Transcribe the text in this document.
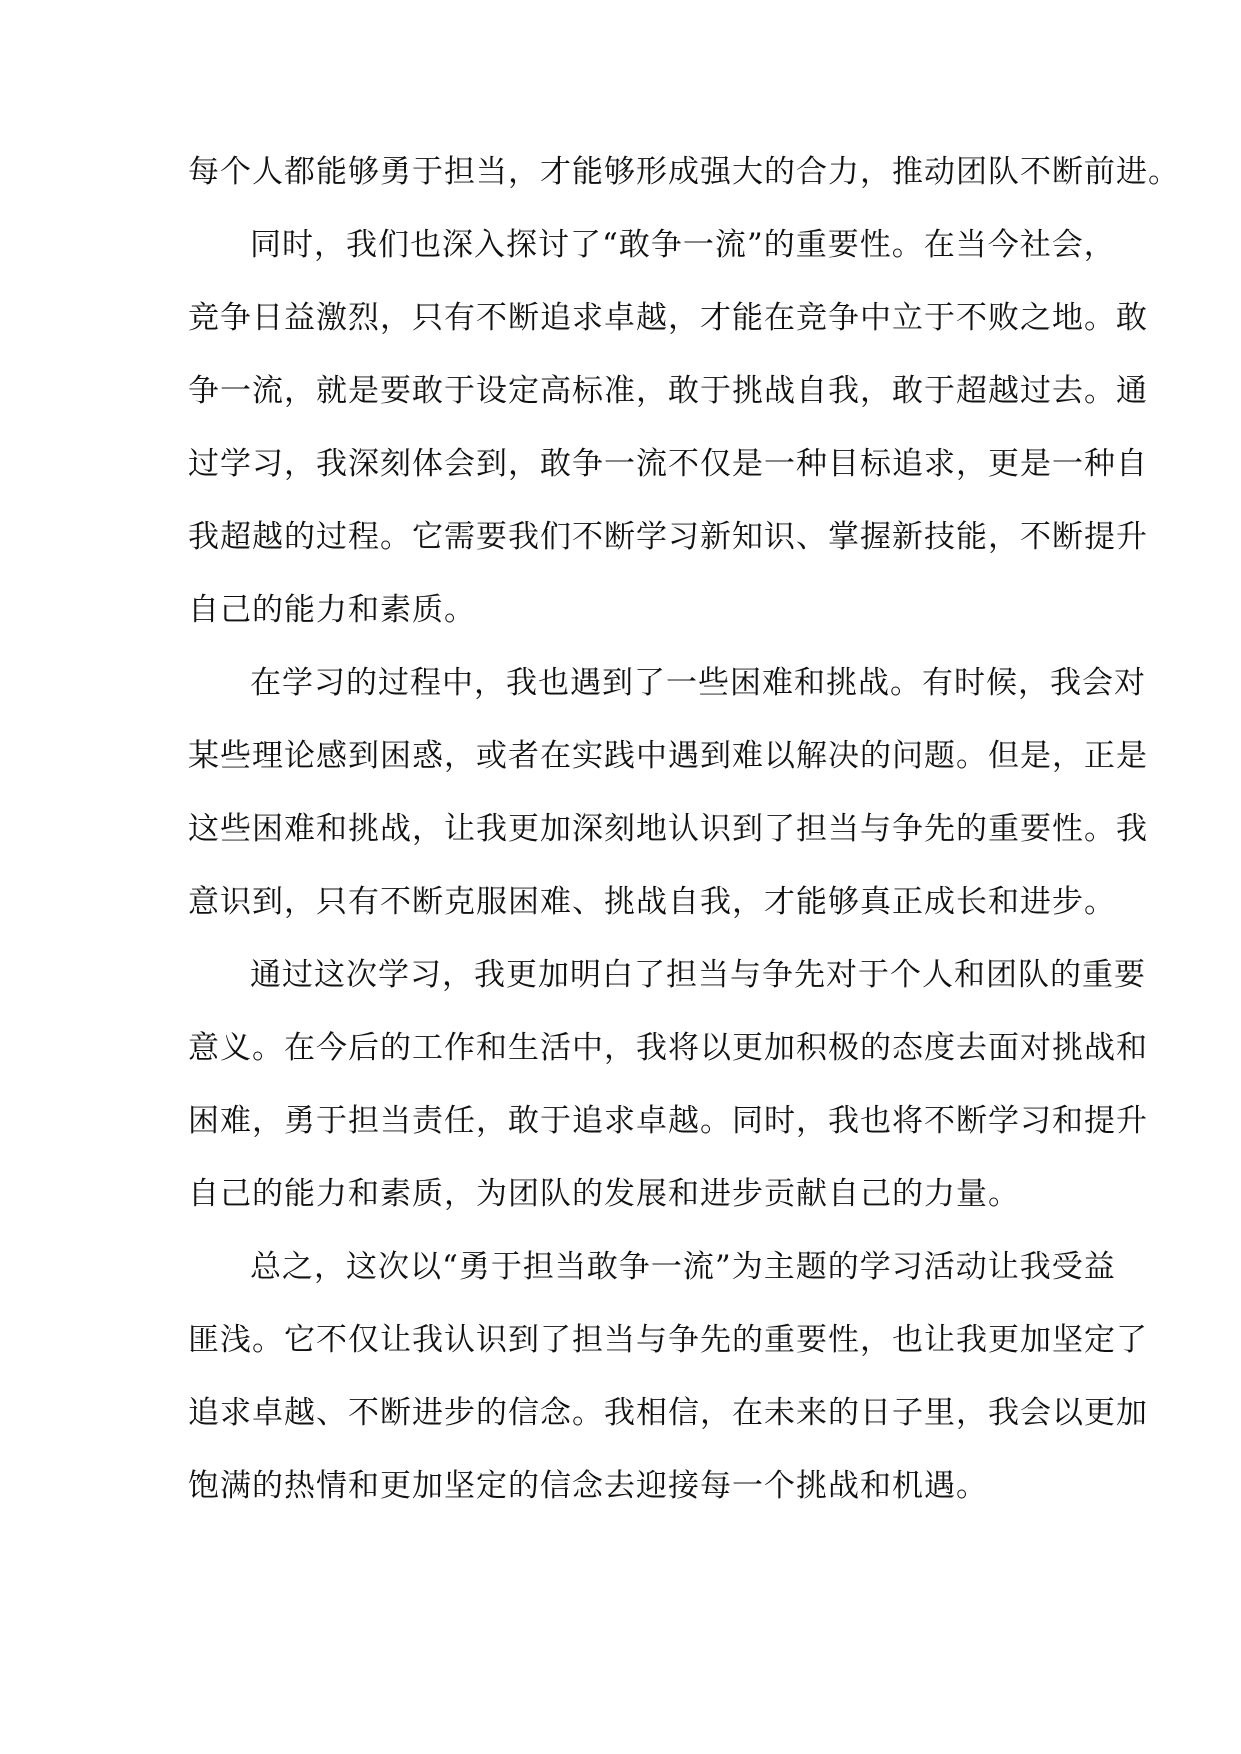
每个人都能够勇于担当，才能够形成强大的合力，推动团队不断前进。
同时，我们也深入探讨了“敢争一流”的重要性。在当今社会，
竞争日益激烈，只有不断追求卓越，才能在竞争中立于不败之地。敢
争一流，就是要敢于设定高标准，敢于挑战自我，敢于超越过去。通
过学习，我深刻体会到，敢争一流不仅是一种目标追求，更是一种自
我超越的过程。它需要我们不断学习新知识、掌握新技能，不断提升
自己的能力和素质。
在学习的过程中，我也遇到了一些困难和挑战。有时候，我会对
某些理论感到困惑，或者在实践中遇到难以解决的问题。但是，正是
这些困难和挑战，让我更加深刻地认识到了担当与争先的重要性。我
意识到，只有不断克服困难、挑战自我，才能够真正成长和进步。
通过这次学习，我更加明白了担当与争先对于个人和团队的重要
意义。在今后的工作和生活中，我将以更加积极的态度去面对挑战和
困难，勇于担当责任，敢于追求卓越。同时，我也将不断学习和提升
自己的能力和素质，为团队的发展和进步贡献自己的力量。
总之，这次以“勇于担当敢争一流”为主题的学习活动让我受益
匪浅。它不仅让我认识到了担当与争先的重要性，也让我更加坚定了
追求卓越、不断进步的信念。我相信，在未来的日子里，我会以更加
饱满的热情和更加坚定的信念去迎接每一个挑战和机遇。
